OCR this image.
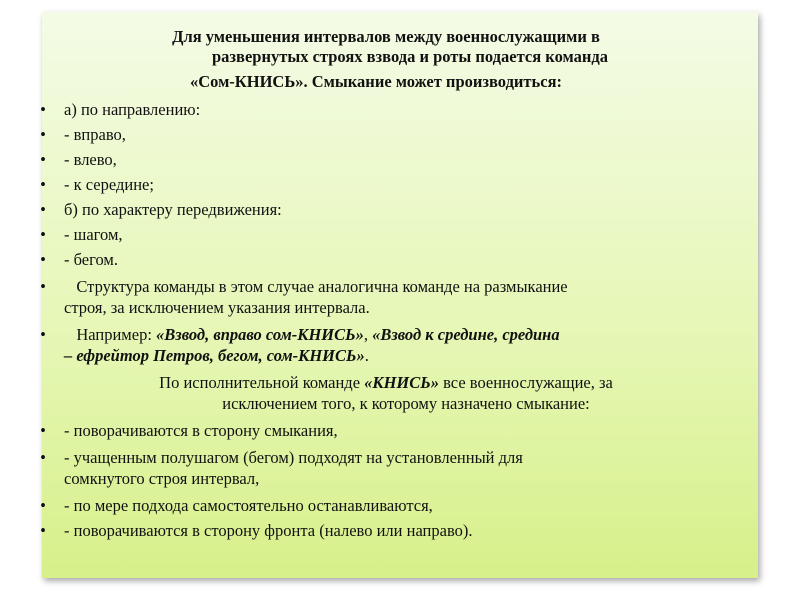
Для уменьшения интервалов между военнослужащими в
развернутых строях взвода и роты подается команда
«Сом-КНИСЬ». Смыкание может производиться:
• а) по направлению:
• - вправо,
• - влево,
• - к середине;
• б) по характеру передвижения:
• - шагом,
• - бегом.
• Структура команды в этом случае аналогична команде на размыкание
строя, за исключением указания интервала.
• Например: «Взвод, вправо сом-КНИСЬ», «Взвод к средине, средина
– ефрейтор Петров, бегом, сом-КНИСЬ».
По исполнительной команде «КНИСЬ» все военнослужащие, за
исключением того, к которому назначено смыкание:
• - поворачиваются в сторону смыкания,
• - учащенным полушагом (бегом) подходят на установленный для
сомкнутого строя интервал,
• - по мере подхода самостоятельно останавливаются,
• - поворачиваются в сторону фронта (налево или направо).
